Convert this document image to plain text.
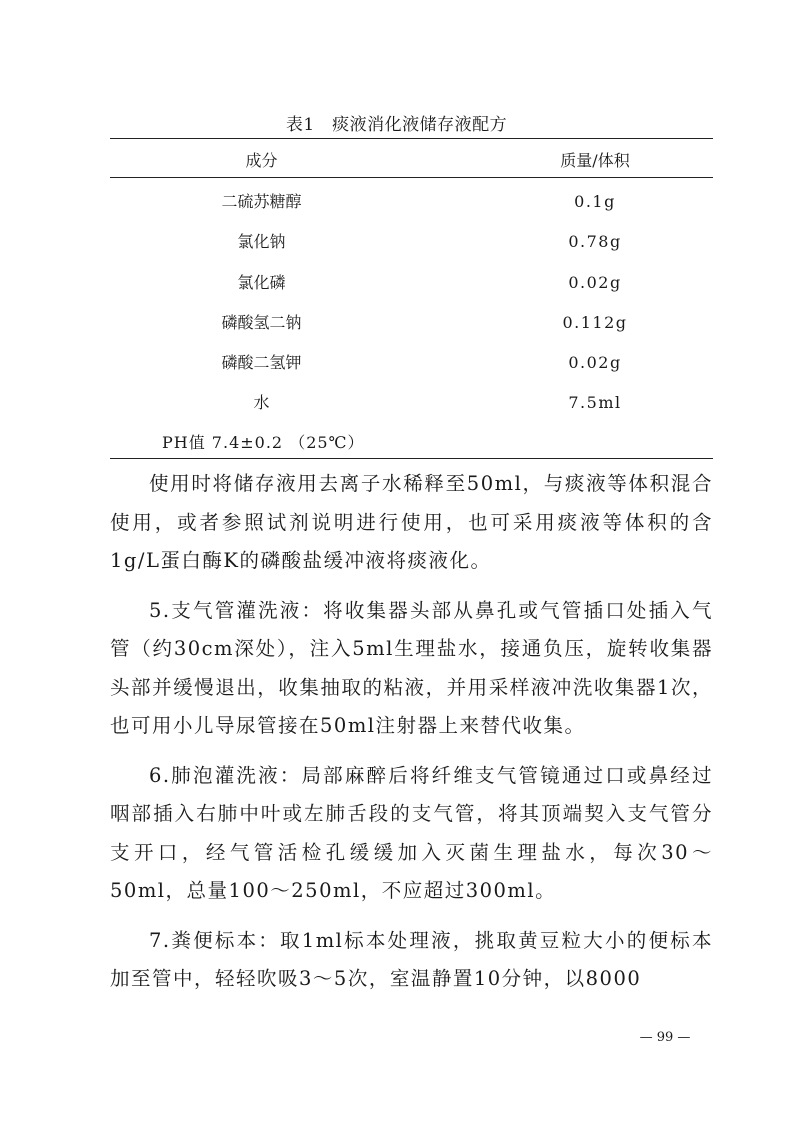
表1　痰液消化液储存液配方
成分	质量/体积
二硫苏糖醇	0.1g
氯化钠	0.78g
氯化磷	0.02g
磷酸氢二钠	0.112g
磷酸二氢钾	0.02g
水	7.5ml
PH值 7.4±0.2 （25℃）

使用时将储存液用去离子水稀释至50ml，与痰液等体积混合使用，或者参照试剂说明进行使用，也可采用痰液等体积的含1g/L蛋白酶K的磷酸盐缓冲液将痰液化。

5.支气管灌洗液：将收集器头部从鼻孔或气管插口处插入气管（约30cm深处），注入5ml生理盐水，接通负压，旋转收集器头部并缓慢退出，收集抽取的粘液，并用采样液冲洗收集器1次，也可用小儿导尿管接在50ml注射器上来替代收集。

6.肺泡灌洗液：局部麻醉后将纤维支气管镜通过口或鼻经过咽部插入右肺中叶或左肺舌段的支气管，将其顶端契入支气管分支开口，经气管活检孔缓缓加入灭菌生理盐水，每次30～50ml，总量100～250ml，不应超过300ml。

7.粪便标本：取1ml标本处理液，挑取黄豆粒大小的便标本加至管中，轻轻吹吸3～5次，室温静置10分钟，以8000

— 99 —
